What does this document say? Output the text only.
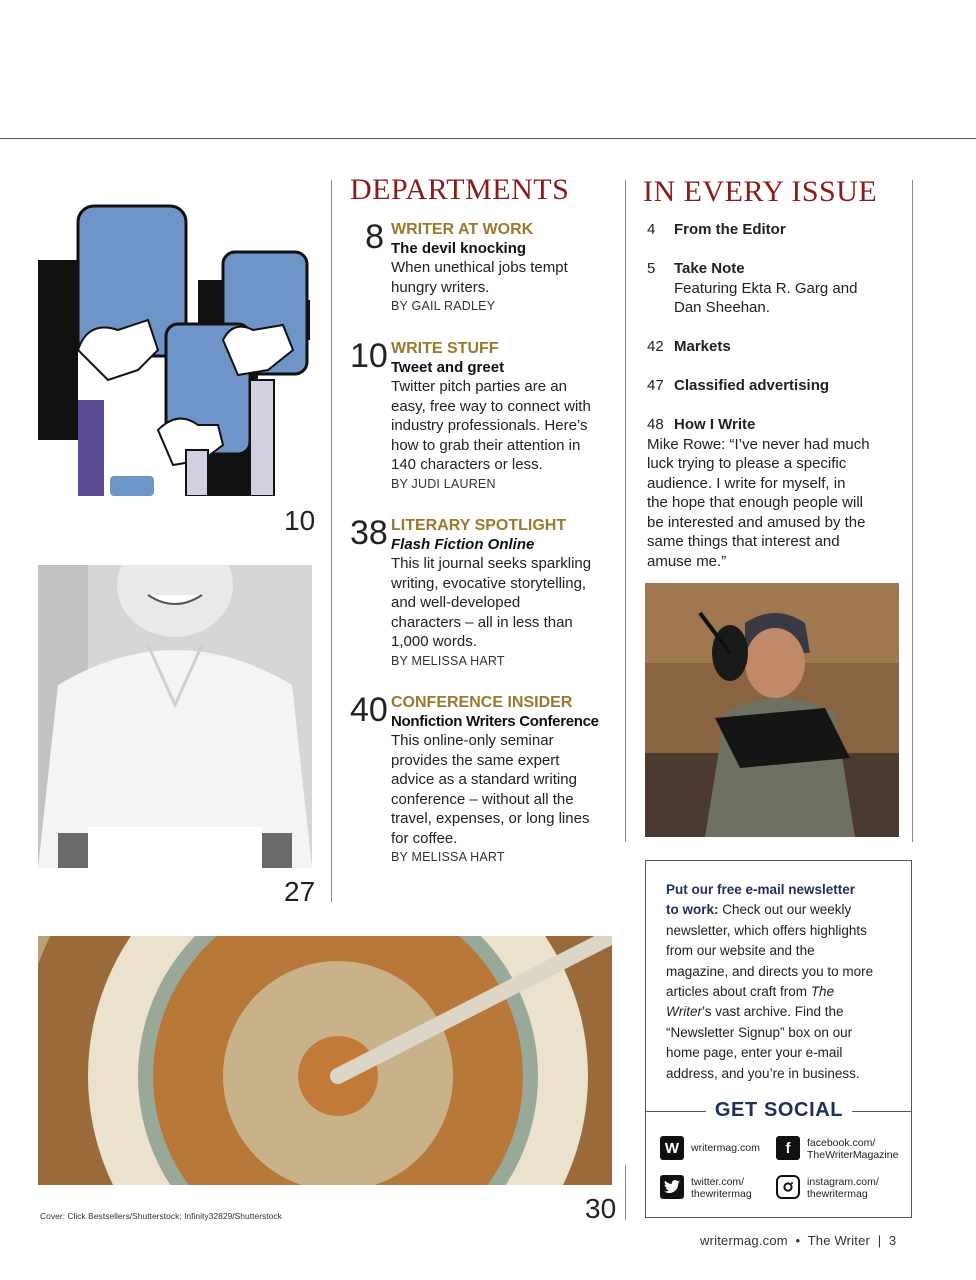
10
27
30
Cover: Click Bestsellers/Shutterstock; Infinity32829/Shutterstock
DEPARTMENTS
8 WRITER AT WORK
The devil knocking
When unethical jobs tempt
hungry writers.
BY GAIL RADLEY
10 WRITE STUFF
Tweet and greet
Twitter pitch parties are an
easy, free way to connect with
industry professionals. Here’s
how to grab their attention in
140 characters or less.
BY JUDI LAUREN
38 LITERARY SPOTLIGHT
Flash Fiction Online
This lit journal seeks sparkling
writing, evocative storytelling,
and well-developed
characters – all in less than
1,000 words.
BY MELISSA HART
40 CONFERENCE INSIDER
Nonfiction Writers Conference
This online-only seminar
provides the same expert
advice as a standard writing
conference – without all the
travel, expenses, or long lines
for coffee.
BY MELISSA HART
IN EVERY ISSUE
4 From the Editor
5 Take Note
Featuring Ekta R. Garg and
Dan Sheehan.
42 Markets
47 Classified advertising
48 How I Write
Mike Rowe: “I’ve never had much
luck trying to please a specific
audience. I write for myself, in
the hope that enough people will
be interested and amused by the
same things that interest and
amuse me.”
Put our free e-mail newsletter
to work: Check out our weekly
newsletter, which offers highlights
from our website and the
magazine, and directs you to more
articles about craft from The
Writer’s vast archive. Find the
“Newsletter Signup” box on our
home page, enter your e-mail
address, and you’re in business.
GET SOCIAL
W	writermag.com	f	facebook.com/
TheWriterMagazine
twitter.com/
thewritermag
instagram.com/
thewritermag
writermag.com • The Writer | 3
